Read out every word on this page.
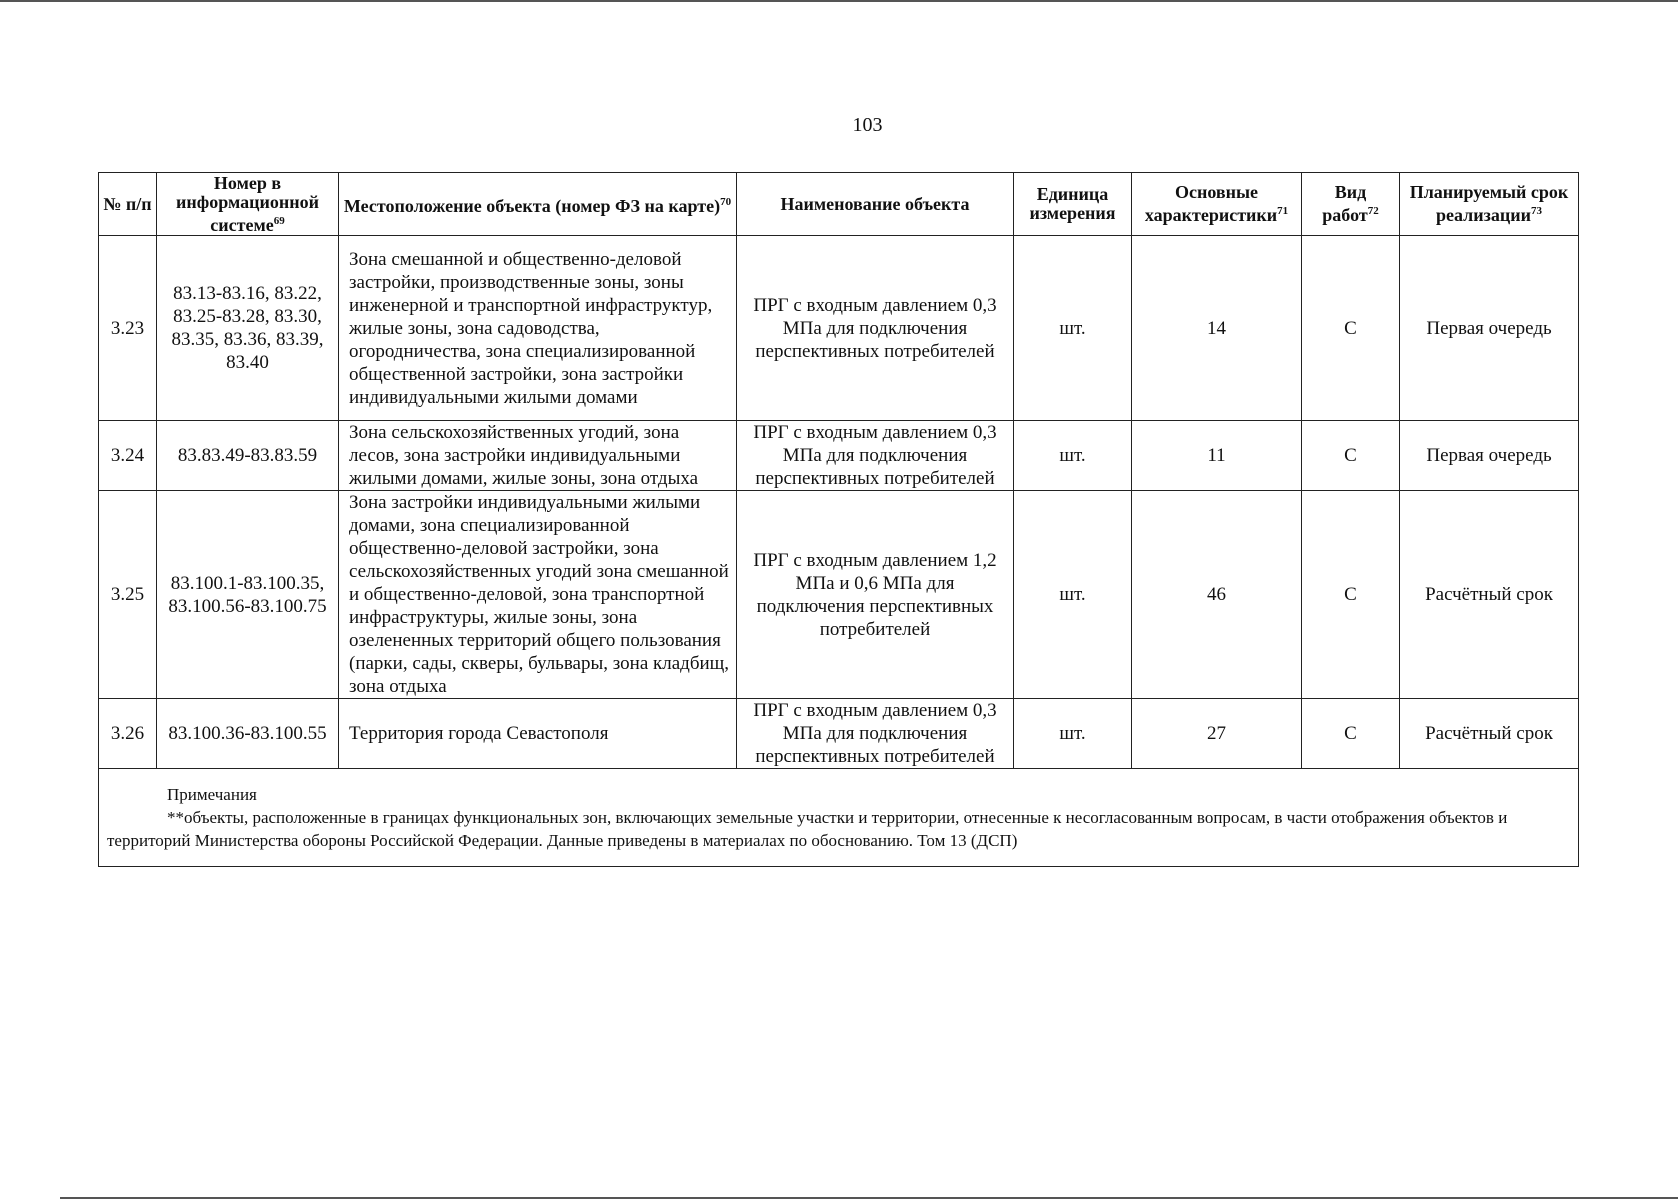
103
№ п/п	Номер в информационной системе$^{69}$	Местоположение объекта (номер ФЗ на карте)$^{70}$	Наименование объекта	Единица измерения	Основные характеристики$^{71}$	Вид работ$^{72}$	Планируемый срок реализации$^{73}$
3.23	83.13-83.16, 83.22, 83.25-83.28, 83.30, 83.35, 83.36, 83.39, 83.40	Зона смешанной и общественно-деловой застройки, производственные зоны, зоны инженерной и транспортной инфраструктур, жилые зоны, зона садоводства, огородничества, зона специализированной общественной застройки, зона застройки индивидуальными жилыми домами	ПРГ с входным давлением 0,3 МПа для подключения перспективных потребителей	шт.	14	С	Первая очередь
3.24	83.83.49-83.83.59	Зона сельскохозяйственных угодий, зона лесов, зона застройки индивидуальными жилыми домами, жилые зоны, зона отдыха	ПРГ с входным давлением 0,3 МПа для подключения перспективных потребителей	шт.	11	С	Первая очередь
3.25	83.100.1-83.100.35, 83.100.56-83.100.75	Зона застройки индивидуальными жилыми домами, зона специализированной общественно-деловой застройки, зона сельскохозяйственных угодий зона смешанной и общественно-деловой, зона транспортной инфраструктуры, жилые зоны, зона озелененных территорий общего пользования (парки, сады, скверы, бульвары, зона кладбищ, зона отдыха	ПРГ с входным давлением 1,2 МПа и 0,6 МПа для подключения перспективных потребителей	шт.	46	С	Расчётный срок
3.26	83.100.36-83.100.55	Территория города Севастополя	ПРГ с входным давлением 0,3 МПа для подключения перспективных потребителей	шт.	27	С	Расчётный срок

Примечания
**объекты, расположенные в границах функциональных зон, включающих земельные участки и территории, отнесенные к несогласованным вопросам, в части отображения объектов и территорий Министерства обороны Российской Федерации. Данные приведены в материалах по обоснованию. Том 13 (ДСП)							
